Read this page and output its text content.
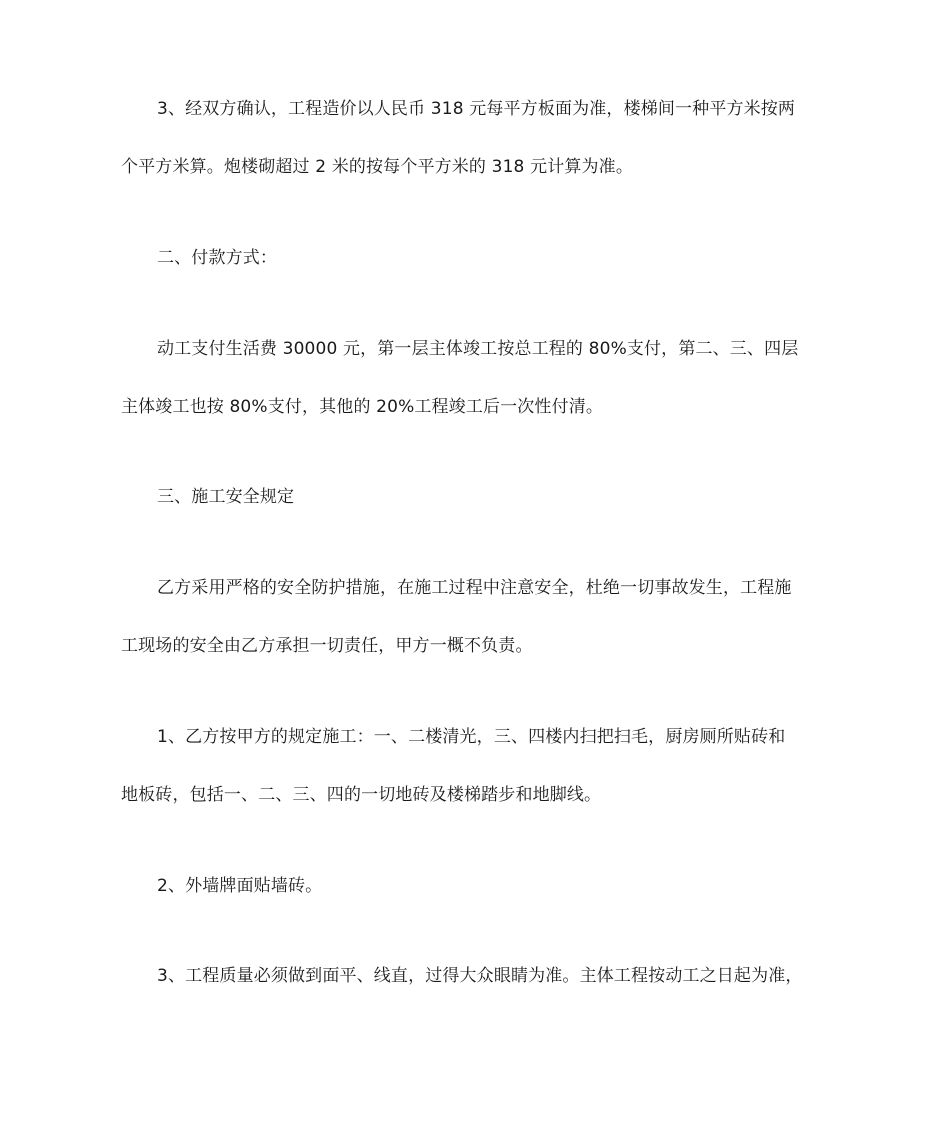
3、经双方确认，工程造价以人民币 318 元每平方板面为准，楼梯间一种平方米按两
个平方米算。炮楼砌超过 2 米的按每个平方米的 318 元计算为准。
二、付款方式：
动工支付生活费 30000 元，第一层主体竣工按总工程的 80%支付，第二、三、四层
主体竣工也按 80%支付，其他的 20%工程竣工后一次性付清。
三、施工安全规定
乙方采用严格的安全防护措施，在施工过程中注意安全，杜绝一切事故发生，工程施
工现场的安全由乙方承担一切责任，甲方一概不负责。
1、乙方按甲方的规定施工：一、二楼清光，三、四楼内扫把扫毛，厨房厕所贴砖和
地板砖，包括一、二、三、四的一切地砖及楼梯踏步和地脚线。
2、外墙牌面贴墙砖。
3、工程质量必须做到面平、线直，过得大众眼睛为准。主体工程按动工之日起为准，
